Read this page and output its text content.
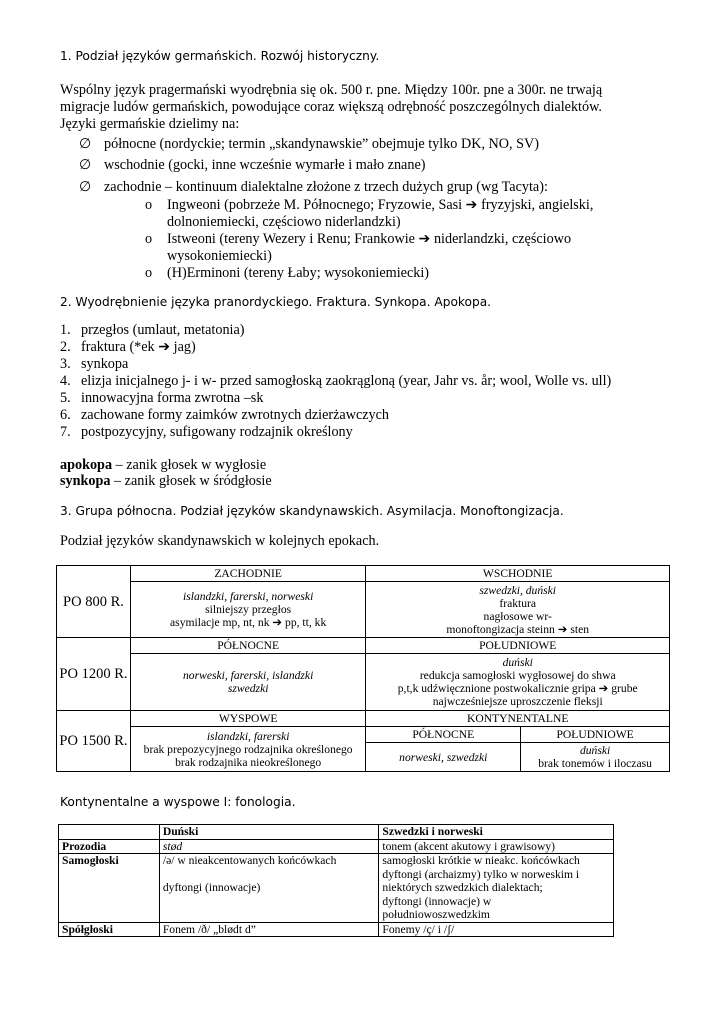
1. Podział języków germańskich. Rozwój historyczny.
Wspólny język pragermański wyodrębnia się ok. 500 r. pne. Między 100r. pne a 300r. ne trwają
migracje ludów germańskich, powodujące coraz większą odrębność poszczególnych dialektów.
Języki germańskie dzielimy na:
∅ północne (nordyckie; termin „skandynawskie” obejmuje tylko DK, NO, SV)
∅ wschodnie (gocki, inne wcześnie wymarłe i mało znane)
∅ zachodnie – kontinuum dialektalne złożone z trzech dużych grup (wg Tacyta):
o Ingweoni (pobrzeże M. Północnego; Fryzowie, Sasi ➔ fryzyjski, angielski,
dolnoniemiecki, częściowo niderlandzki)
o Istweoni (tereny Wezery i Renu; Frankowie ➔ niderlandzki, częściowo
wysokoniemiecki)
o (H)Erminoni (tereny Łaby; wysokoniemiecki)
2. Wyodrębnienie języka pranordyckiego. Fraktura. Synkopa. Apokopa.
1. przegłos (umlaut, metatonia)
2. fraktura (*ek ➔ jag)
3. synkopa
4. elizja inicjalnego j- i w- przed samogłoską zaokrągloną (year, Jahr vs. år; wool, Wolle vs. ull)
5. innowacyjna forma zwrotna –sk
6. zachowane formy zaimków zwrotnych dzierżawczych
7. postpozycyjny, sufigowany rodzajnik określony
apokopa – zanik głosek w wygłosie
synkopa – zanik głosek w śródgłosie
3. Grupa północna. Podział języków skandynawskich. Asymilacja. Monoftongizacja.
Podział języków skandynawskich w kolejnych epokach.
PO 800 R.	ZACHODNIE	WSCHODNIE	
	islandzki, farerski, norweski
silniejszy przegłos
asymilacje mp, nt, nk ➔ pp, tt, kk	szwedzki, duński
fraktura
nagłosowe wr-
monoftongizacja steinn ➔ sten	
PO 1200 R.	PÓŁNOCNE	POŁUDNIOWE	
	norweski, farerski, islandzki
szwedzki	duński
redukcja samogłoski wygłosowej do shwa
p,t,k udźwięcznione postwokalicznie gripa ➔ grube
najwcześniejsze uproszczenie fleksji	
PO 1500 R.	WYSPOWE	KONTYNENTALNE	
	islandzki, farerski
brak prepozycyjnego rodzajnika określonego
brak rodzajnika nieokreślonego	PÓŁNOCNE	POŁUDNIOWE
		norweski, szwedzki	duński
brak tonemów i iloczasu
Kontynentalne a wyspowe I: fonologia.
	Duński	Szwedzki i norweski
Prozodia	stød	tonem (akcent akutowy i grawisowy)
Samogłoski	/ə/ w nieakcentowanych końcówkach

dyftongi (innowacje)	samogłoski krótkie w nieakc. końcówkach
dyftongi (archaizmy) tylko w norweskim i
niektórych szwedzkich dialektach;
dyftongi (innowacje) w
południowoszwedzkim
Spółgłoski	Fonem /ð/ „blødt d”	Fonemy /ç/ i /ʃ/
